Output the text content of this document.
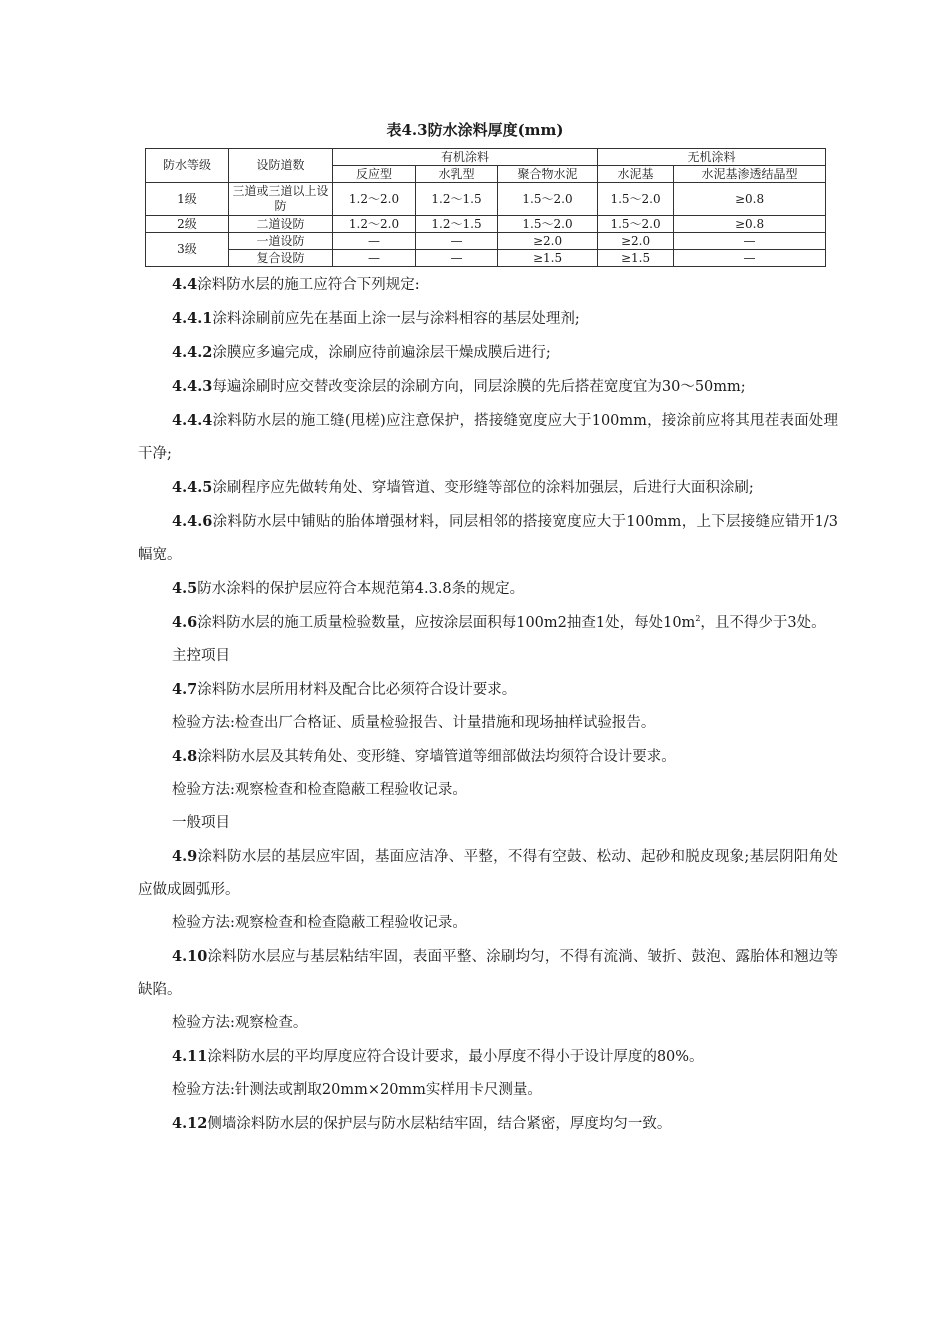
表4.3防水涂料厚度(mm)
防水等级	设防道数	有机涂料			无机涂料	
		反应型	水乳型	聚合物水泥	水泥基	水泥基渗透结晶型
1级	三道或三道以上设防	1.2～2.0	1.2～1.5	1.5～2.0	1.5～2.0	≥0.8
2级	二道设防	1.2～2.0	1.2～1.5	1.5～2.0	1.5～2.0	≥0.8
3级	一道设防	—	—	≥2.0	≥2.0	—
	复合设防	—	—	≥1.5	≥1.5	—

4.4涂料防水层的施工应符合下列规定:

4.4.1涂料涂刷前应先在基面上涂一层与涂料相容的基层处理剂;

4.4.2涂膜应多遍完成，涂刷应待前遍涂层干燥成膜后进行;

4.4.3每遍涂刷时应交替改变涂层的涂刷方向，同层涂膜的先后搭茬宽度宜为30～50mm;

4.4.4涂料防水层的施工缝(甩槎)应注意保护，搭接缝宽度应大于100mm，接涂前应将其甩茬表面处理干净;

4.4.5涂刷程序应先做转角处、穿墙管道、变形缝等部位的涂料加强层，后进行大面积涂刷;

4.4.6涂料防水层中铺贴的胎体增强材料，同层相邻的搭接宽度应大于100mm，上下层接缝应错开1/3幅宽。

4.5防水涂料的保护层应符合本规范第4.3.8条的规定。

4.6涂料防水层的施工质量检验数量，应按涂层面积每100m2抽查1处，每处$10m^2$，且不得少于3处。

主控项目

4.7涂料防水层所用材料及配合比必须符合设计要求。

检验方法:检查出厂合格证、质量检验报告、计量措施和现场抽样试验报告。

4.8涂料防水层及其转角处、变形缝、穿墙管道等细部做法均须符合设计要求。

检验方法:观察检查和检查隐蔽工程验收记录。

一般项目

4.9涂料防水层的基层应牢固，基面应洁净、平整，不得有空鼓、松动、起砂和脱皮现象;基层阴阳角处应做成圆弧形。

检验方法:观察检查和检查隐蔽工程验收记录。

4.10涂料防水层应与基层粘结牢固，表面平整、涂刷均匀，不得有流淌、皱折、鼓泡、露胎体和翘边等缺陷。

检验方法:观察检查。

4.11涂料防水层的平均厚度应符合设计要求，最小厚度不得小于设计厚度的80%。

检验方法:针测法或割取20mm×20mm实样用卡尺测量。

4.12侧墙涂料防水层的保护层与防水层粘结牢固，结合紧密，厚度均匀一致。
